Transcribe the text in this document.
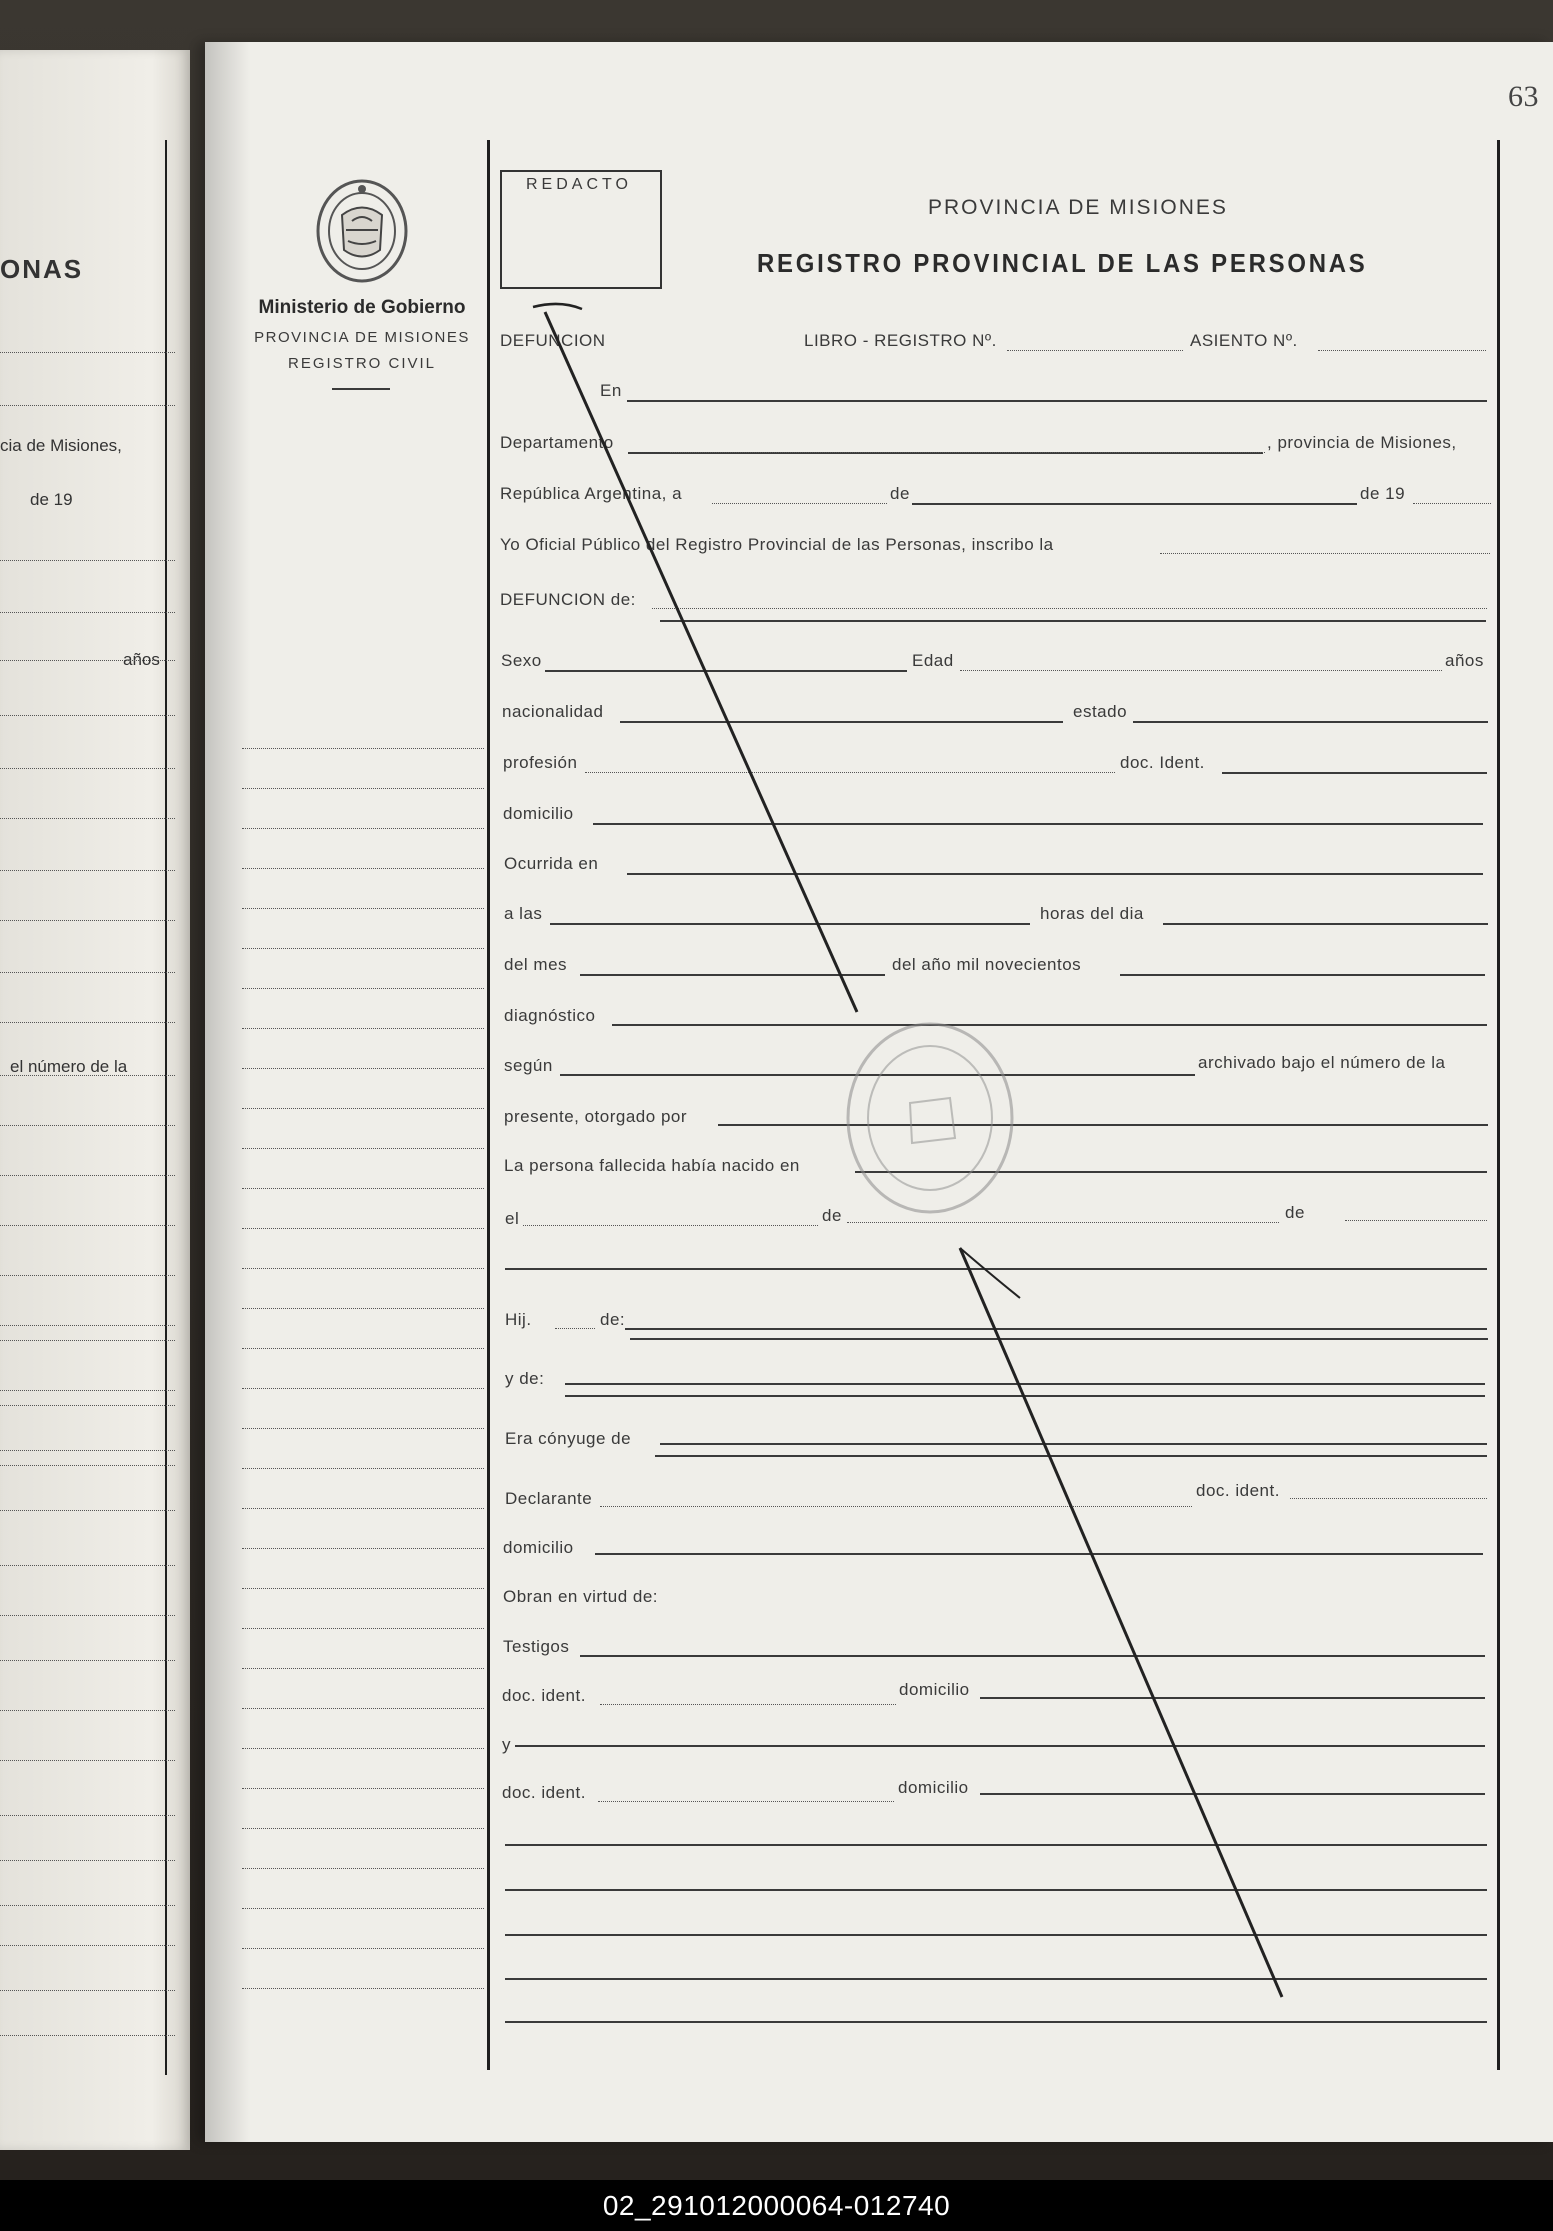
ONAS
cia de Misiones,
de 19
años
el número de la
63
REDACTO
Ministerio de Gobierno
PROVINCIA DE MISIONES
REGISTRO CIVIL
PROVINCIA DE MISIONES
REGISTRO PROVINCIAL DE LAS PERSONAS
DEFUNCION	LIBRO - REGISTRO Nº.	ASIENTO Nº.
En
Departamento	, provincia de Misiones,
República Argentina, a	de	de 19
Yo Oficial Público del Registro Provincial de las Personas, inscribo la
DEFUNCION de:
Sexo	Edad	años
nacionalidad	estado
profesión	doc. Ident.
domicilio
Ocurrida en
a las	horas del dia
del mes	del año mil novecientos
diagnóstico
según	archivado bajo el número de la
presente, otorgado por
La persona fallecida había nacido en
el	de	de
Hij.	de:
y de:
Era cónyuge de
Declarante	doc. ident.
domicilio
Obran en virtud de:
Testigos
doc. ident.	domicilio
y
doc. ident.	domicilio
02_291012000064-012740
